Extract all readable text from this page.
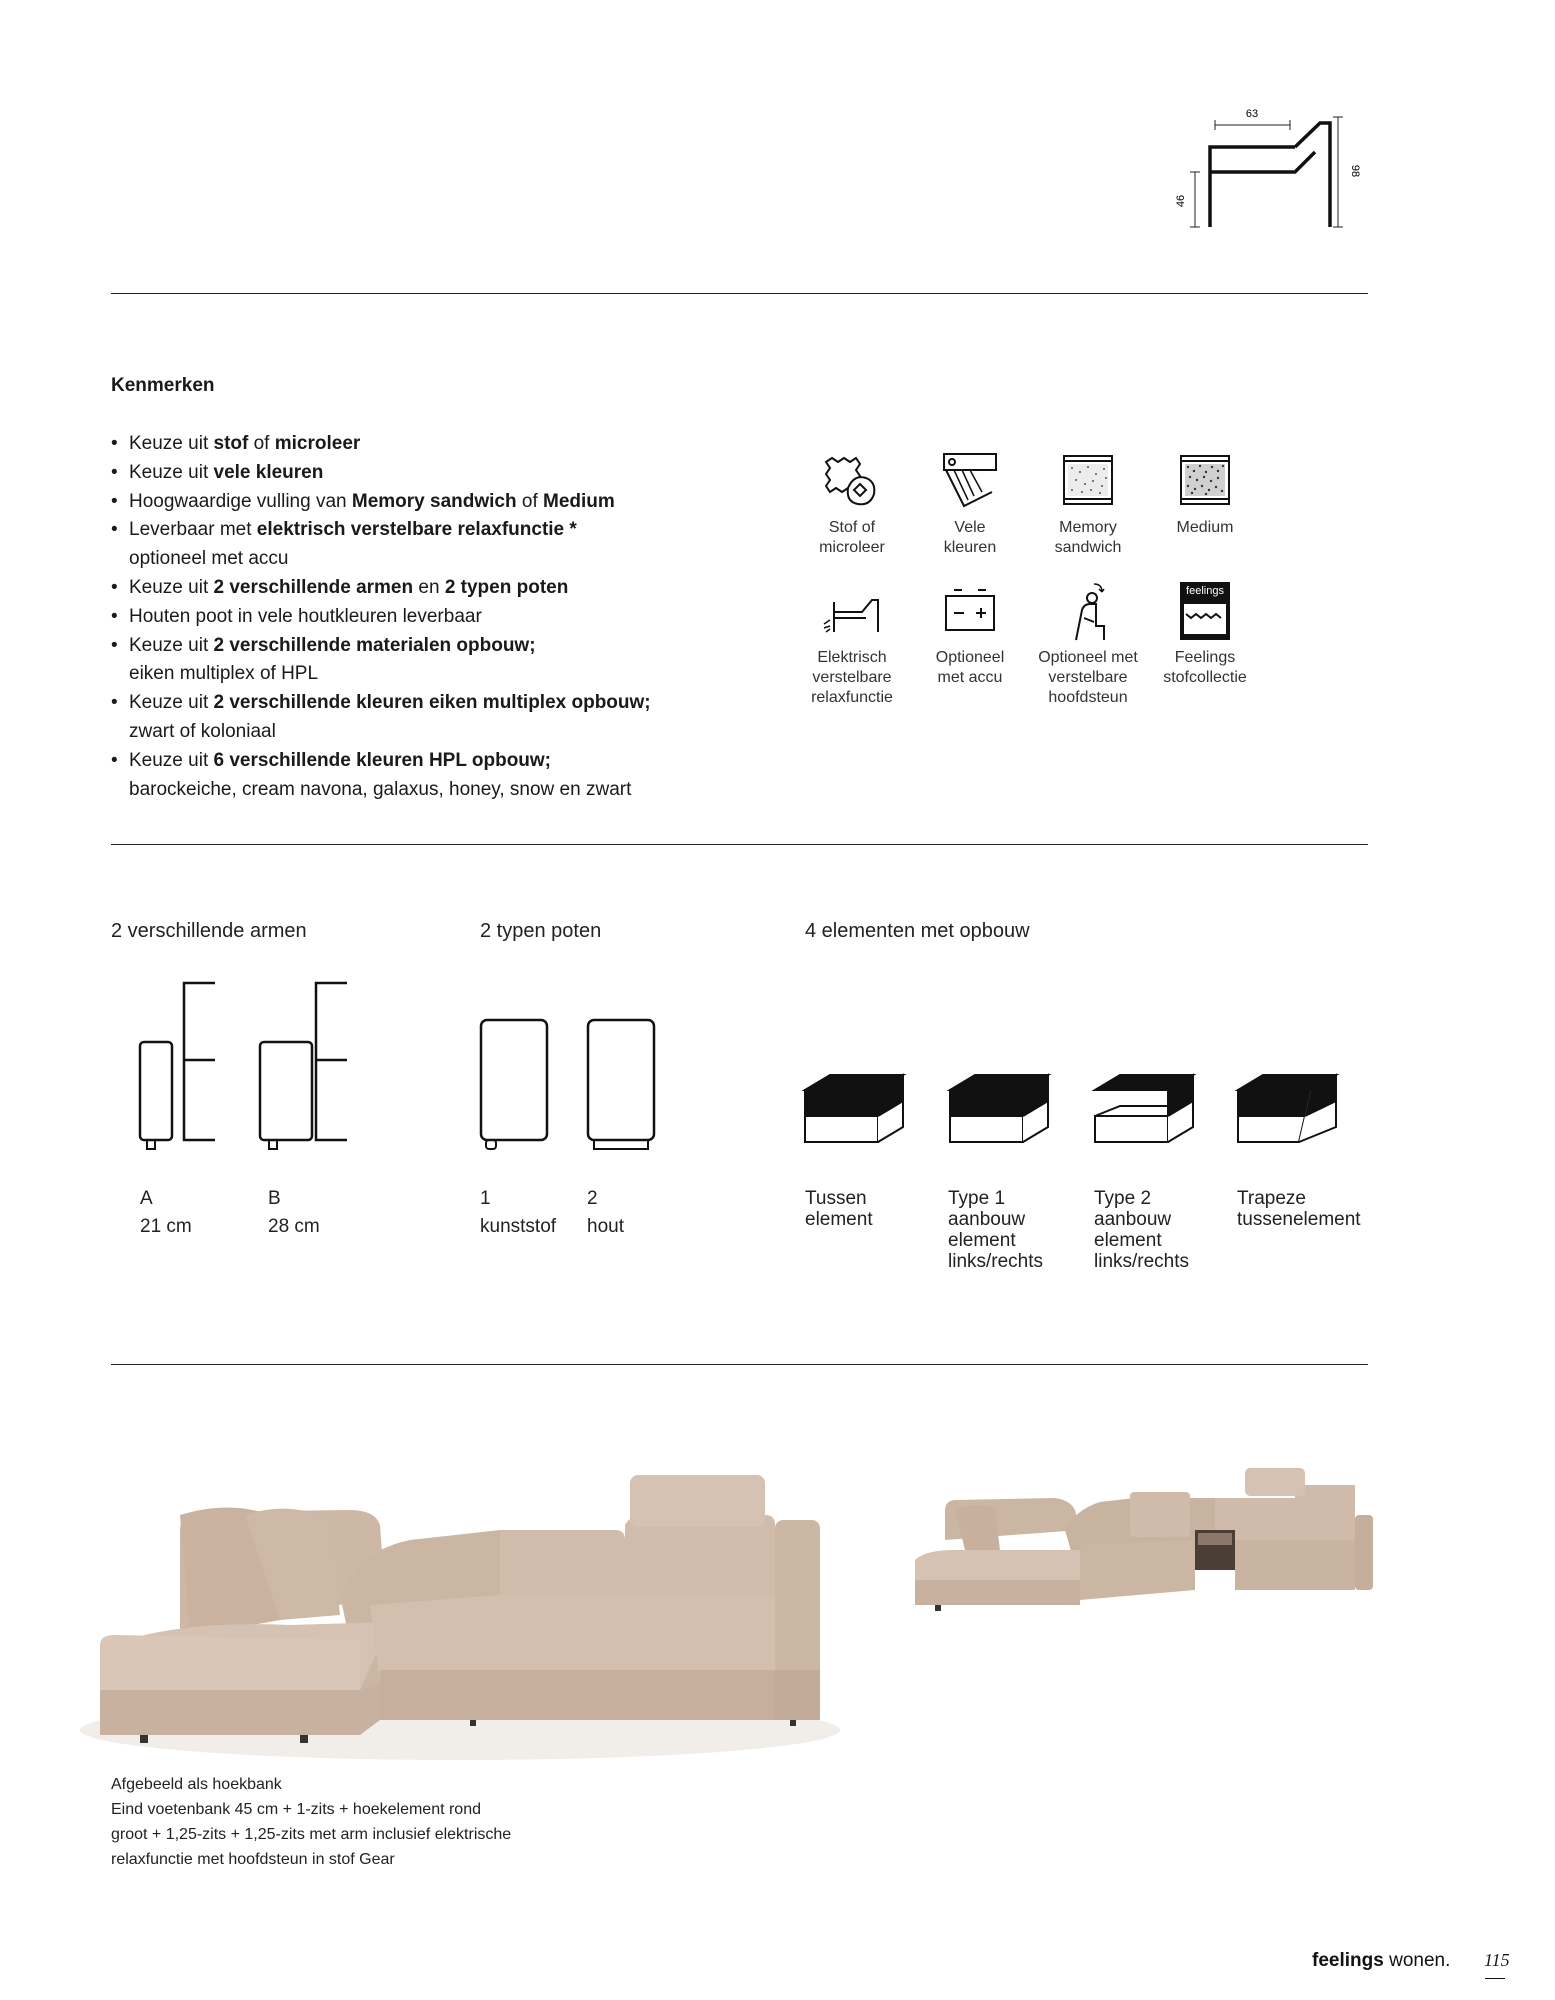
63
46
98
Kenmerken
• Keuze uit stof of microleer
• Keuze uit vele kleuren
• Hoogwaardige vulling van Memory sandwich of Medium
• Leverbaar met elektrisch verstelbare relaxfunctie *
optioneel met accu
• Keuze uit 2 verschillende armen en 2 typen poten
• Houten poot in vele houtkleuren leverbaar
• Keuze uit 2 verschillende materialen opbouw;
eiken multiplex of HPL
• Keuze uit 2 verschillende kleuren eiken multiplex opbouw;
zwart of koloniaal
• Keuze uit 6 verschillende kleuren HPL opbouw;
barockeiche, cream navona, galaxus, honey, snow en zwart
Stof of
microleer
Vele
kleuren
Memory
sandwich
Medium
feelings
Elektrisch
verstelbare
relaxfunctie
Optioneel
met accu
Optioneel met
verstelbare
hoofdsteun
Feelings
stofcollectie
2 verschillende armen	2 typen poten	4 elementen met opbouw
A
21 cm
B
28 cm
1
kunststof
2
hout
Tussen
element
Type 1
aanbouw
element
links/rechts
Type 2
aanbouw
element
links/rechts
Trapeze
tussenelement
Afgebeeld als hoekbank
Eind voetenbank 45 cm + 1-zits + hoekelement rond
groot + 1,25-zits + 1,25-zits met arm inclusief elektrische
relaxfunctie met hoofdsteun in stof Gear
feelings wonen. 115
